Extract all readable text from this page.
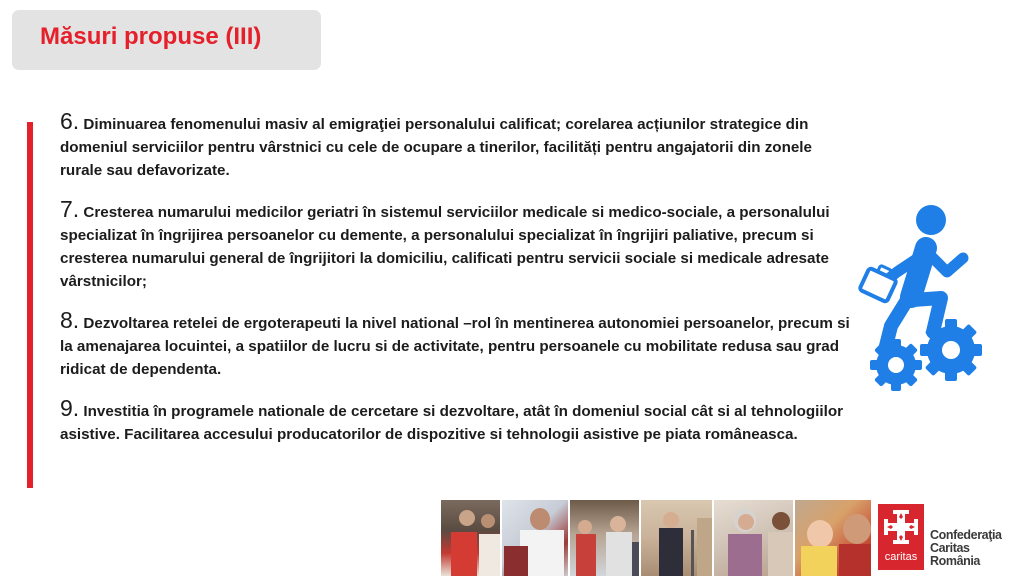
Măsuri propuse (III)

6. Diminuarea fenomenului masiv al emigraţiei personalului calificat; corelarea acțiunilor strategice din domeniul serviciilor pentru vârstnici cu cele de ocupare a tinerilor, facilități pentru angajatorii din zonele rurale sau defavorizate.

7. Cresterea numarului medicilor geriatri în sistemul serviciilor medicale si medico-sociale, a personalului specializat în îngrijirea persoanelor cu demente, a personalului specializat în îngrijiri paliative, precum si cresterea numarului general de îngrijitori la domiciliu, calificati pentru servicii sociale si medicale adresate vârstnicilor;

8. Dezvoltarea retelei de ergoterapeuti la nivel national –rol în mentinerea autonomiei persoanelor, precum si la amenajarea locuintei, a spatiilor de lucru si de activitate, pentru persoanele cu mobilitate redusa sau grad ridicat de dependenta.

9. Investitia în programele nationale de cercetare si dezvoltare, atât în domeniul social cât si al tehnologiilor asistive. Facilitarea accesului producatorilor de dispozitive si tehnologii asistive pe piata româneasca.

caritas
Confederaţia
Caritas
România
